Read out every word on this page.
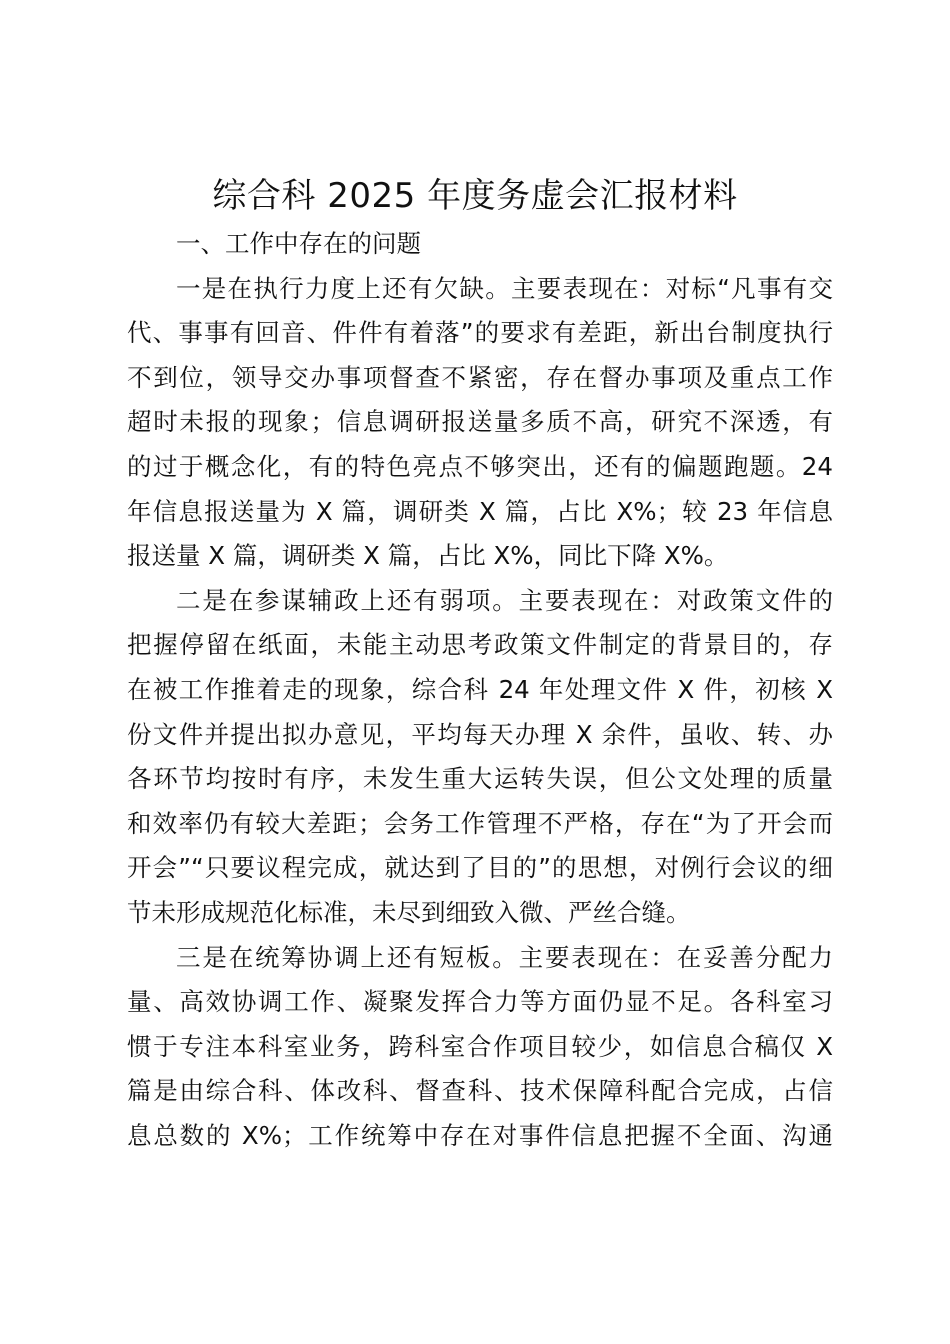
综合科 2025 年度务虚会汇报材料
一、工作中存在的问题
一是在执行力度上还有欠缺。主要表现在：对标“凡事有交
代、事事有回音、件件有着落”的要求有差距，新出台制度执行
不到位，领导交办事项督查不紧密，存在督办事项及重点工作
超时未报的现象；信息调研报送量多质不高，研究不深透，有
的过于概念化，有的特色亮点不够突出，还有的偏题跑题。24
年信息报送量为 X 篇，调研类 X 篇，占比 X%；较 23 年信息
报送量 X 篇，调研类 X 篇，占比 X%，同比下降 X%。
二是在参谋辅政上还有弱项。主要表现在：对政策文件的
把握停留在纸面，未能主动思考政策文件制定的背景目的，存
在被工作推着走的现象，综合科 24 年处理文件 X 件，初核 X
份文件并提出拟办意见，平均每天办理 X 余件，虽收、转、办
各环节均按时有序，未发生重大运转失误，但公文处理的质量
和效率仍有较大差距；会务工作管理不严格，存在“为了开会而
开会”“只要议程完成，就达到了目的”的思想，对例行会议的细
节未形成规范化标准，未尽到细致入微、严丝合缝。
三是在统筹协调上还有短板。主要表现在：在妥善分配力
量、高效协调工作、凝聚发挥合力等方面仍显不足。各科室习
惯于专注本科室业务，跨科室合作项目较少，如信息合稿仅 X
篇是由综合科、体改科、督查科、技术保障科配合完成，占信
息总数的 X%；工作统筹中存在对事件信息把握不全面、沟通
